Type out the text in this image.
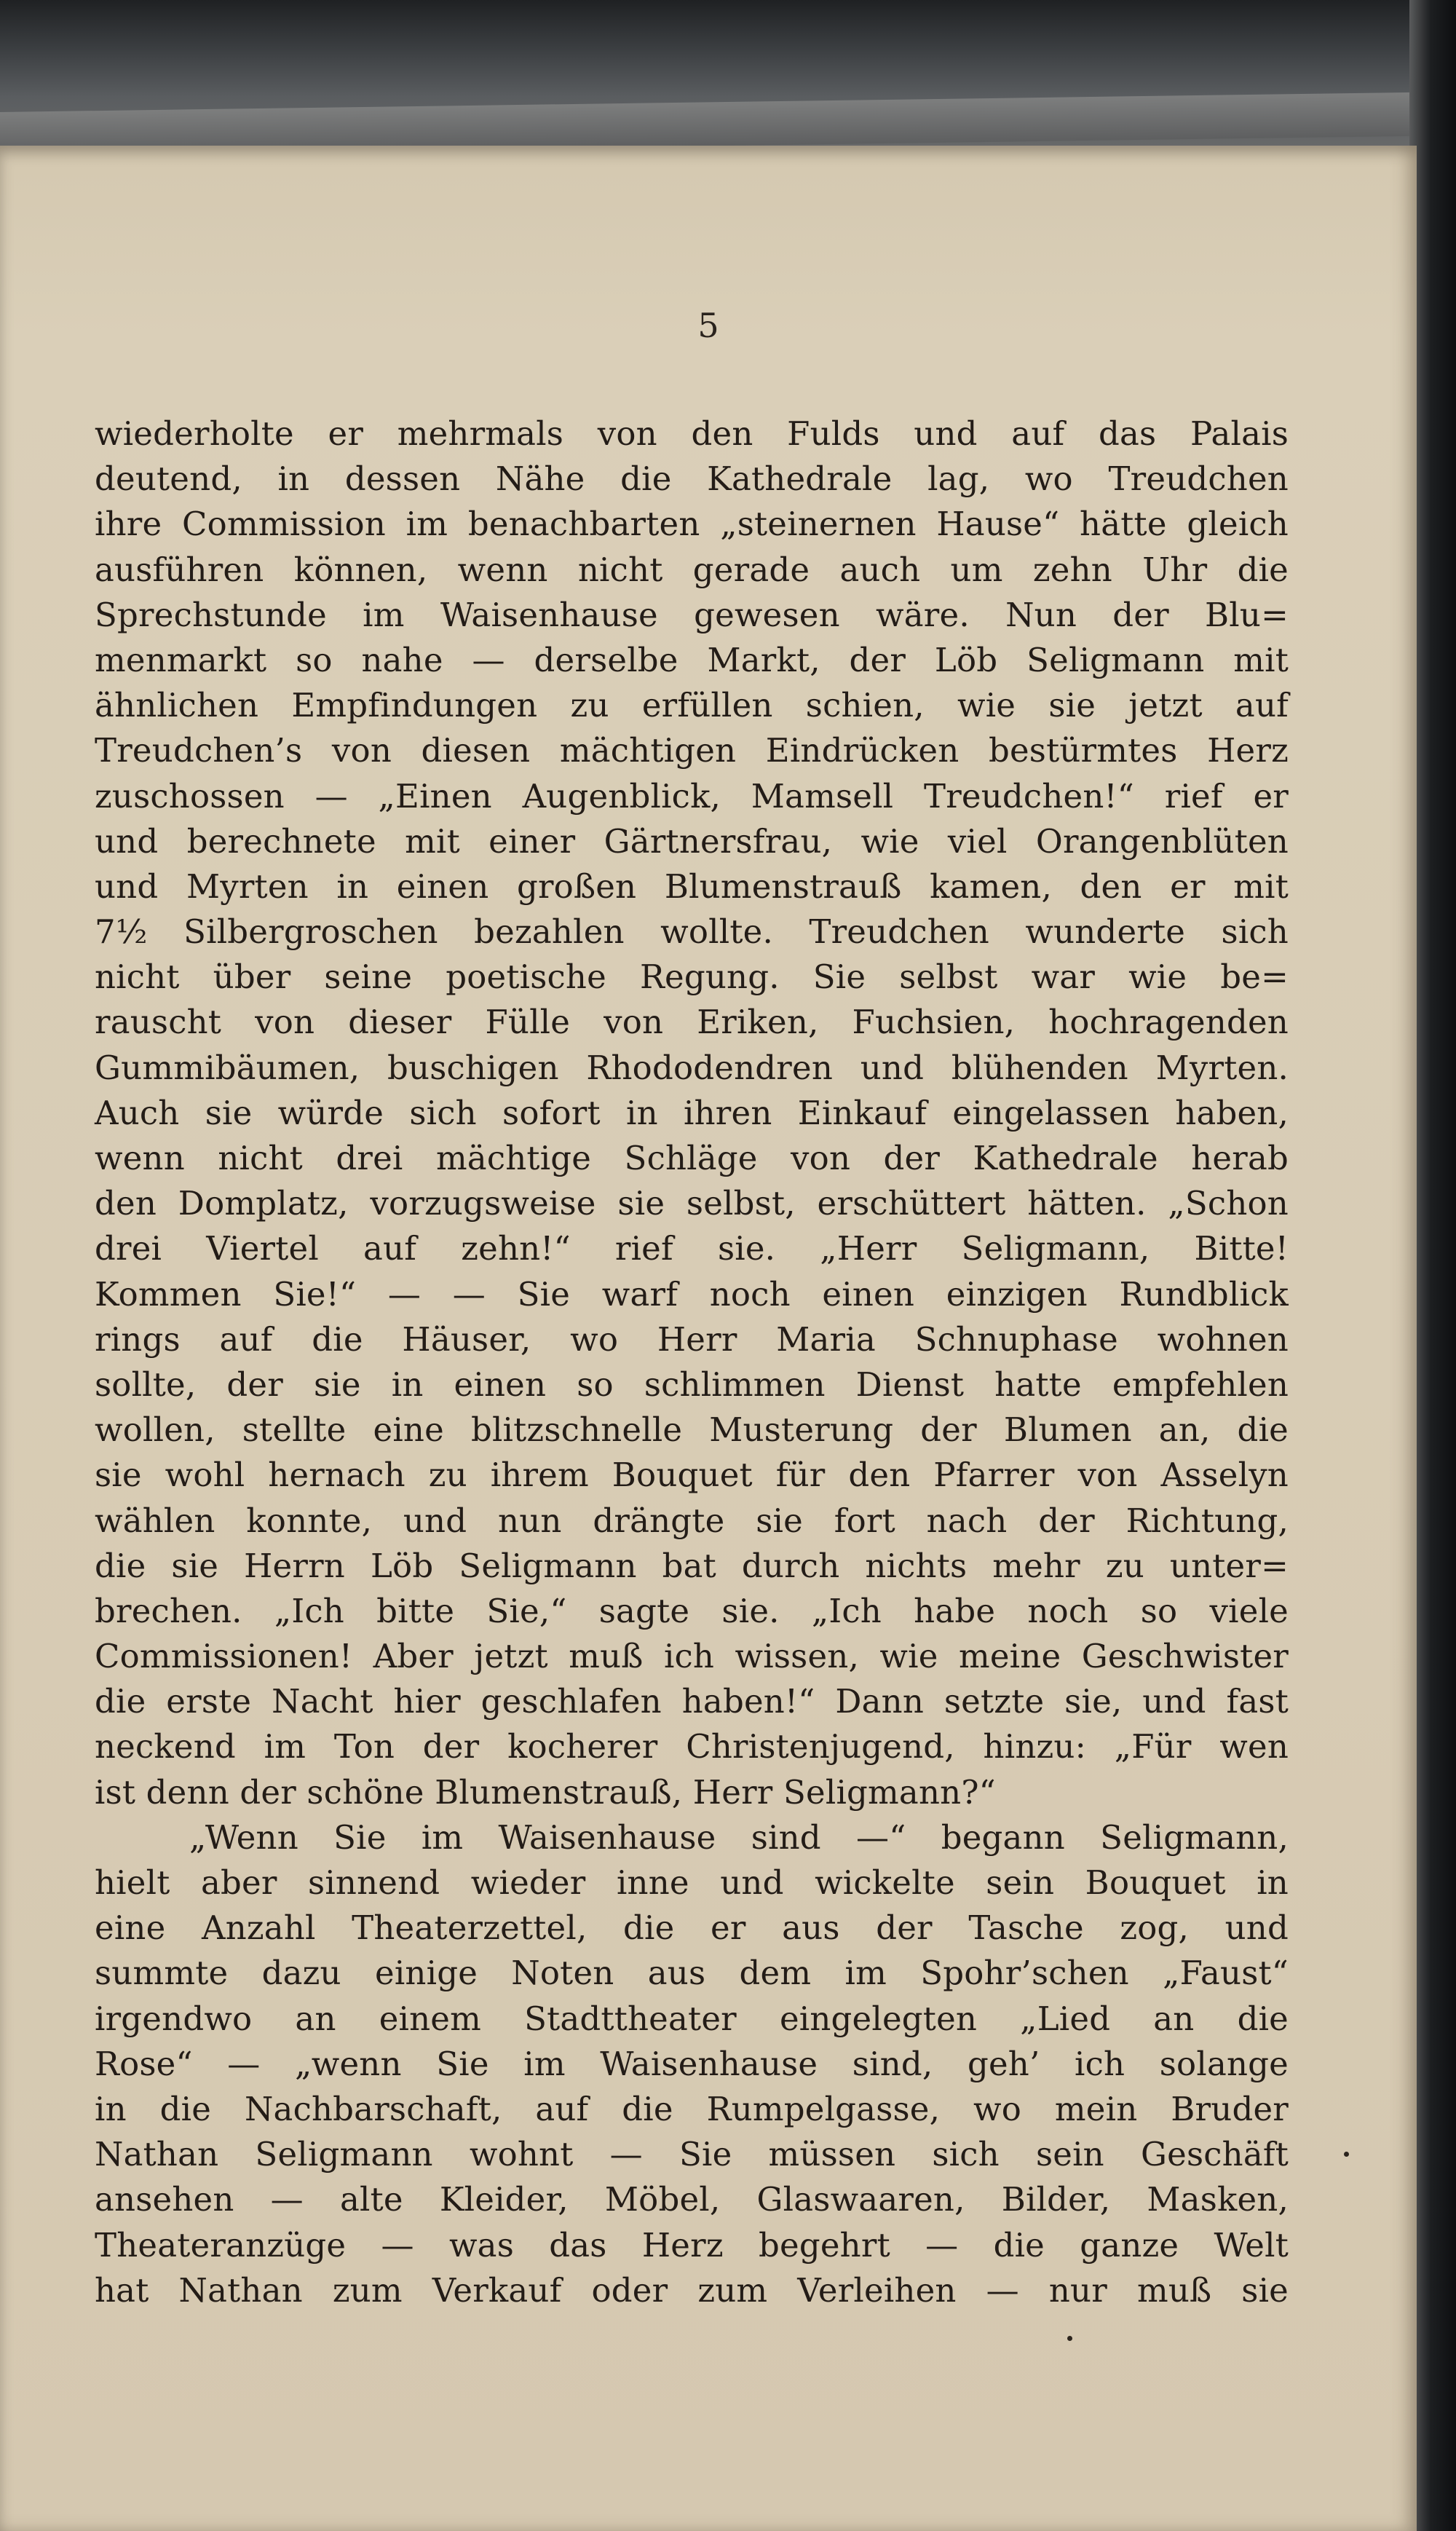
5
wiederholte er mehrmals von den Fulds und auf das Palais
deutend, in dessen Nähe die Kathedrale lag, wo Treudchen
ihre Commission im benachbarten „steinernen Hause“ hätte gleich
ausführen können, wenn nicht gerade auch um zehn Uhr die
Sprechstunde im Waisenhause gewesen wäre. Nun der Blu=
menmarkt so nahe — derselbe Markt, der Löb Seligmann mit
ähnlichen Empfindungen zu erfüllen schien, wie sie jetzt auf
Treudchen’s von diesen mächtigen Eindrücken bestürmtes Herz
zuschossen — „Einen Augenblick, Mamsell Treudchen!“ rief er
und berechnete mit einer Gärtnersfrau, wie viel Orangenblüten
und Myrten in einen großen Blumenstrauß kamen, den er mit
7½ Silbergroschen bezahlen wollte. Treudchen wunderte sich
nicht über seine poetische Regung. Sie selbst war wie be=
rauscht von dieser Fülle von Eriken, Fuchsien, hochragenden
Gummibäumen, buschigen Rhododendren und blühenden Myrten.
Auch sie würde sich sofort in ihren Einkauf eingelassen haben,
wenn nicht drei mächtige Schläge von der Kathedrale herab
den Domplatz, vorzugsweise sie selbst, erschüttert hätten. „Schon
drei Viertel auf zehn!“ rief sie. „Herr Seligmann, Bitte!
Kommen Sie!“ — — Sie warf noch einen einzigen Rundblick
rings auf die Häuser, wo Herr Maria Schnuphase wohnen
sollte, der sie in einen so schlimmen Dienst hatte empfehlen
wollen, stellte eine blitzschnelle Musterung der Blumen an, die
sie wohl hernach zu ihrem Bouquet für den Pfarrer von Asselyn
wählen konnte, und nun drängte sie fort nach der Richtung,
die sie Herrn Löb Seligmann bat durch nichts mehr zu unter=
brechen. „Ich bitte Sie,“ sagte sie. „Ich habe noch so viele
Commissionen! Aber jetzt muß ich wissen, wie meine Geschwister
die erste Nacht hier geschlafen haben!“ Dann setzte sie, und fast
neckend im Ton der kocherer Christenjugend, hinzu: „Für wen
ist denn der schöne Blumenstrauß, Herr Seligmann?“
„Wenn Sie im Waisenhause sind —“ begann Seligmann,
hielt aber sinnend wieder inne und wickelte sein Bouquet in
eine Anzahl Theaterzettel, die er aus der Tasche zog, und
summte dazu einige Noten aus dem im Spohr’schen „Faust“
irgendwo an einem Stadttheater eingelegten „Lied an die
Rose“ — „wenn Sie im Waisenhause sind, geh’ ich solange
in die Nachbarschaft, auf die Rumpelgasse, wo mein Bruder
Nathan Seligmann wohnt — Sie müssen sich sein Geschäft
ansehen — alte Kleider, Möbel, Glaswaaren, Bilder, Masken,
Theateranzüge — was das Herz begehrt — die ganze Welt
hat Nathan zum Verkauf oder zum Verleihen — nur muß sie
